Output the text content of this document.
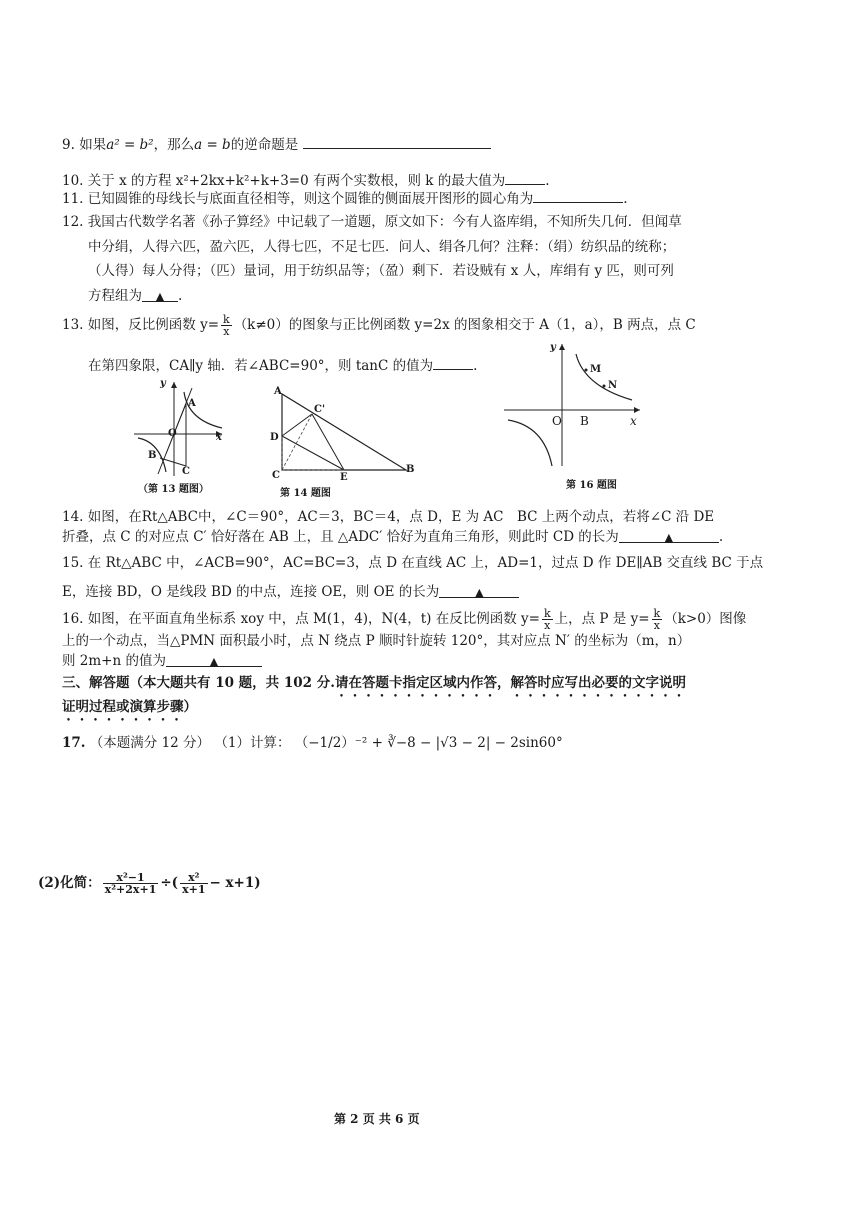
9. 如果a² = b²，那么a = b的逆命题是
10. 关于 x 的方程 x²+2kx+k²+k+3=0 有两个实数根，则 k 的最大值为	.
11. 已知圆锥的母线长与底面直径相等，则这个圆锥的侧面展开图形的圆心角为	.
12. 我国古代数学名著《孙子算经》中记载了一道题，原文如下：今有人盗库绢，不知所失几何．但闻草
中分绢，人得六匹，盈六匹，人得七匹，不足七匹．问人、绢各几何？注释：（绢）纺织品的统称；
（人得）每人分得；（匹）量词，用于纺织品等；（盈）剩下．若设贼有 x 人，库绢有 y 匹，则可列
方程组为 ▲ .
13. 如图，反比例函数 $y= \frac{k}{x} (k\ne 0)$的图象与正比例函数 y=2x 的图象相交于 A（1，a），B 两点，点 C
在第四象限，CA∥y 轴．若∠ABC=90°，则 tanC 的值为	.
y
x
A
O
B
C
（第 13 题图）
A
C'
D
C	E
B
第 14 题图
y
M
N
O B	x
第 16 题图
14. 如图，在Rt△ABC中，∠C＝90°，AC＝3，BC＝4，点 D，E 为 AC　BC 上两个动点，若将∠C 沿 DE
折叠，点 C 的对应点 C′ 恰好落在 AB 上，且 △ADC′ 恰好为直角三角形，则此时 CD 的长为	▲	.
15. 在 Rt△ABC 中，∠ACB=90°，AC=BC=3，点 D 在直线 AC 上，AD=1，过点 D 作 DE∥AB 交直线 BC 于点
E，连接 BD，O 是线段 BD 的中点，连接 OE，则 OE 的长为	▲
16. 如图，在平面直角坐标系 xoy 中，点 M(1，4)，N(4，t) 在反比例函数 $y= \frac{k}{x}$ 上，点 P 是 $y= \frac{k}{x} (k>0)$图像
上的一个动点，当△PMN 面积最小时，点 N 绕点 P 顺时针旋转 120°，其对应点 N′ 的坐标为（m，n）
则 2m+n 的值为	▲
三、解答题（本大题共有 10 题，共 102 分.请在答题卡指定区域内作答，解答时应写出必要的文字说明
证明过程或演算步骤）
17. （本题满分 12 分） （1）计算： （−1/2）⁻² + ∛−8 − |√3 − 2| − 2sin60°
(2)化简： $\frac{\text{x²−1}}{\text{x²+2x+1}}$ ÷( $\frac{\text{x²}}{x+1} - x+1$)
第 2 页 共 6 页
